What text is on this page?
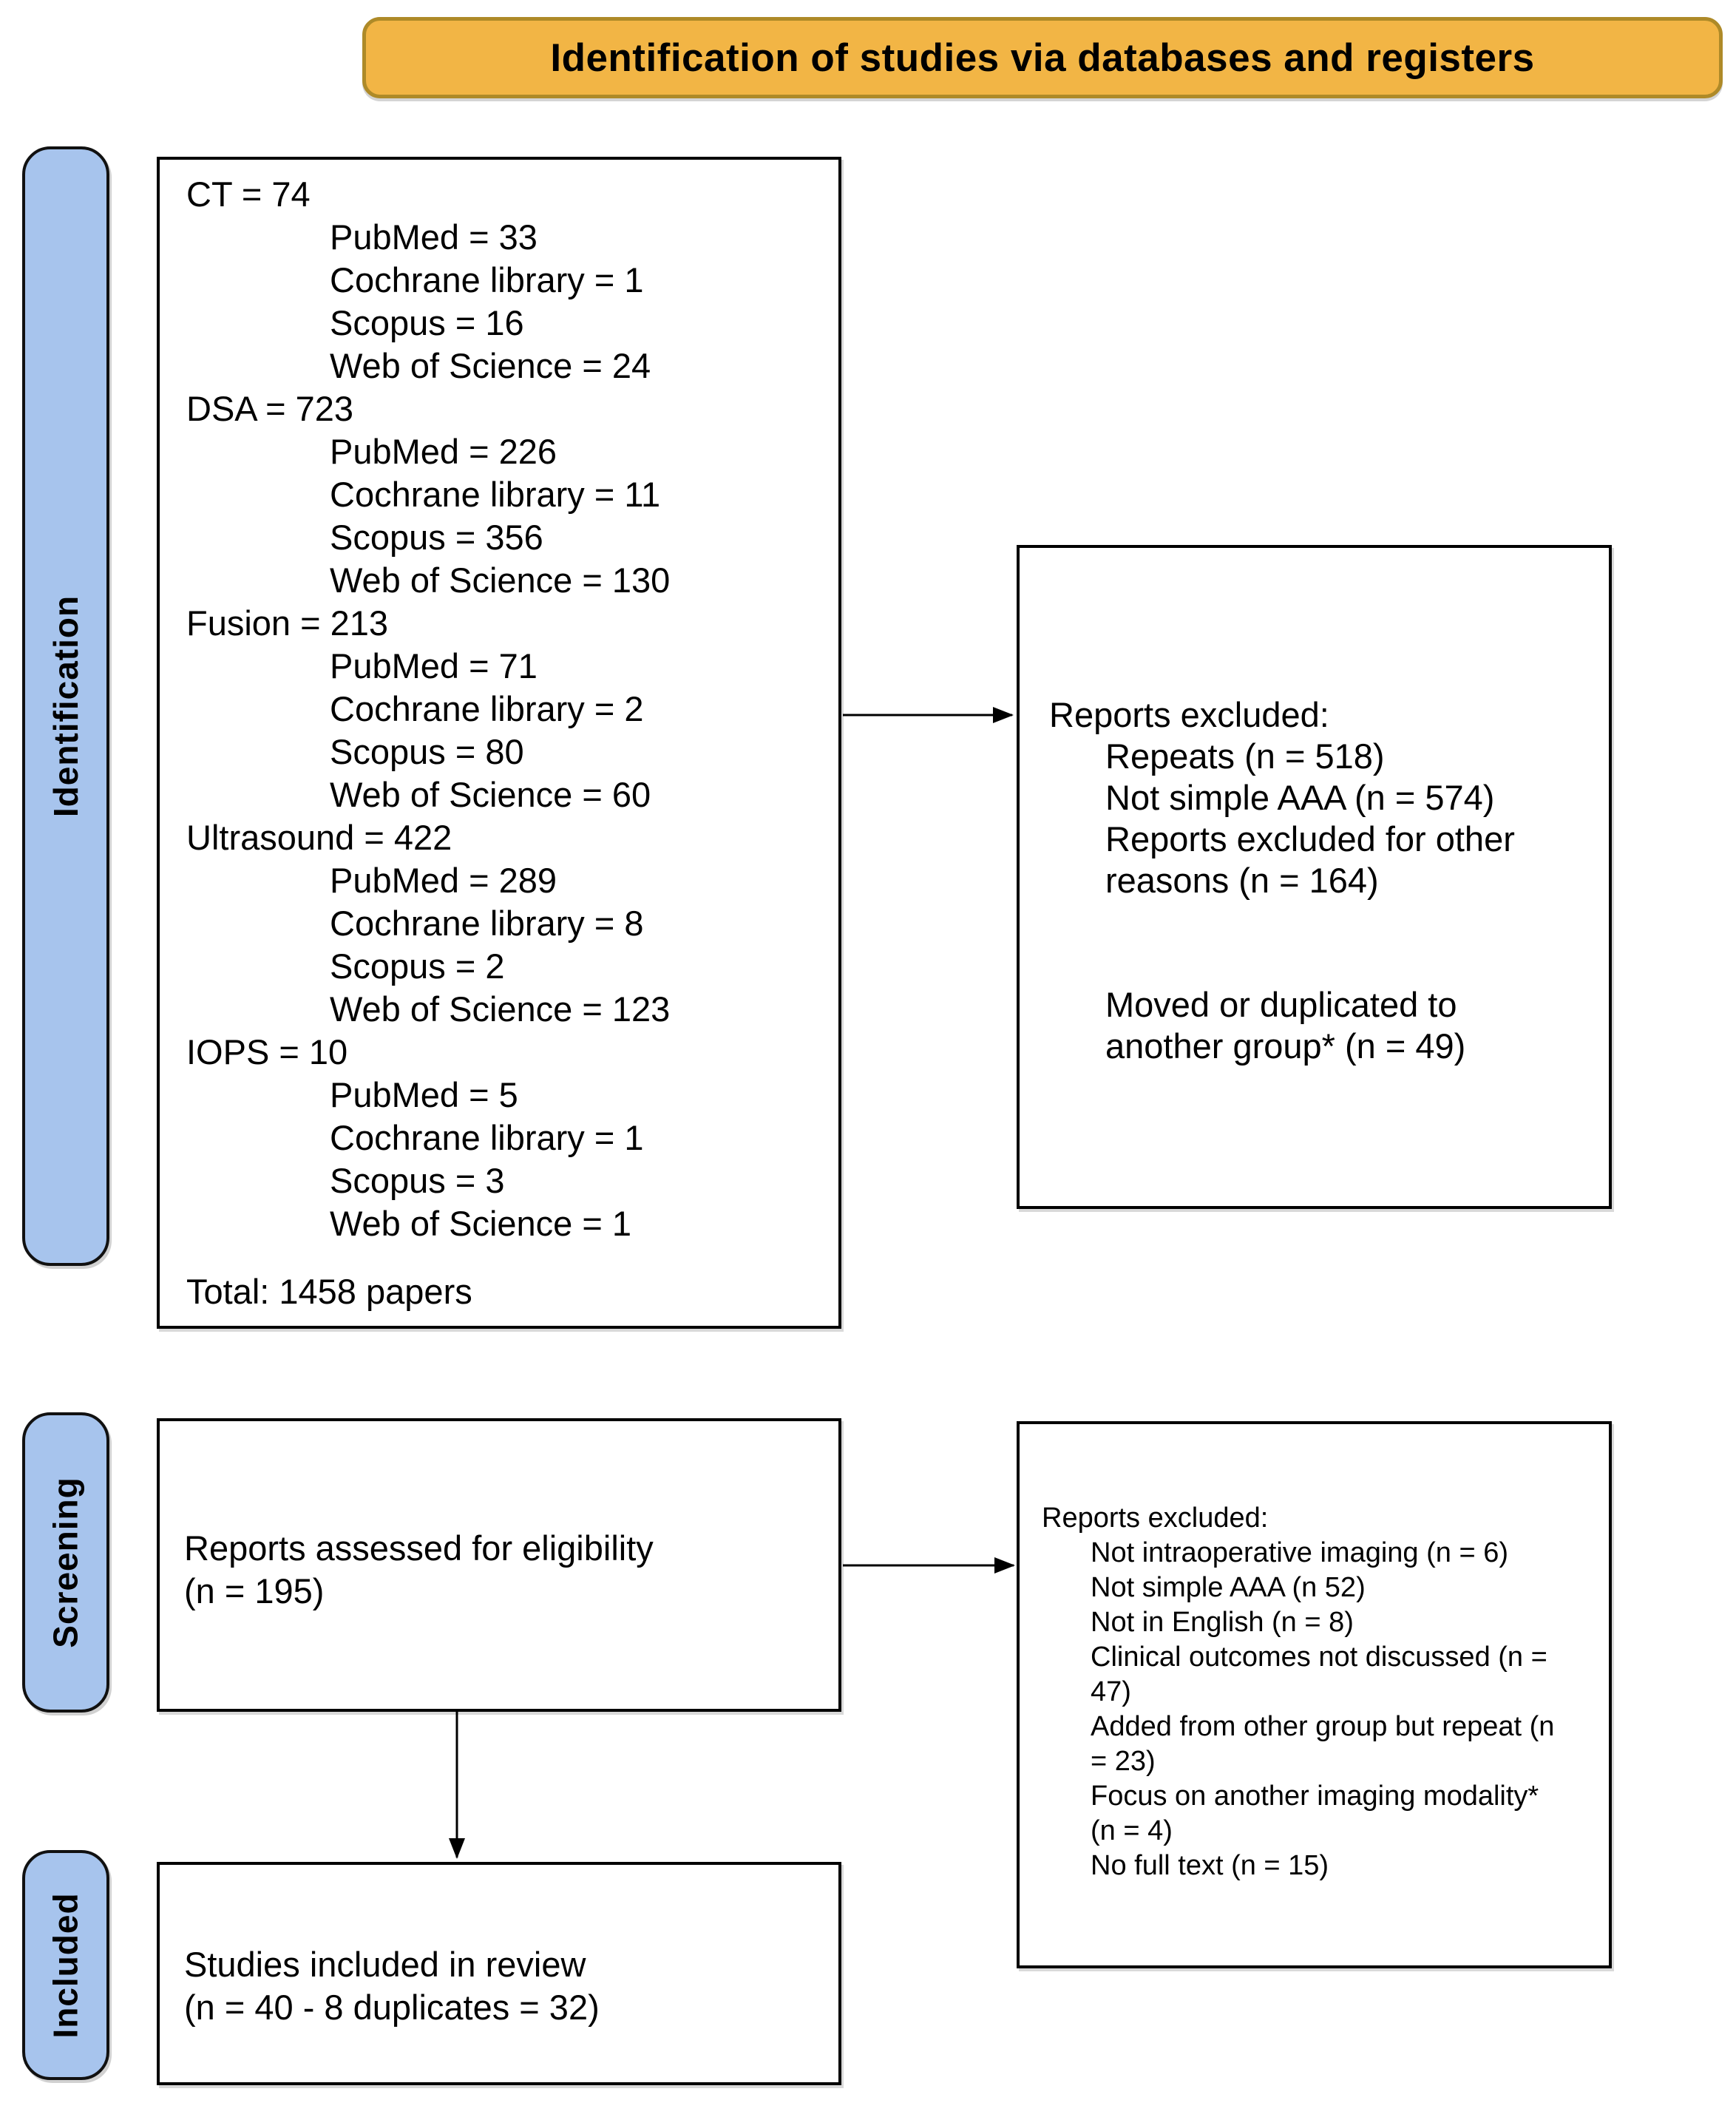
Identification of studies via databases and registers
Identification
Screening
Included
CT = 74
PubMed = 33
Cochrane library = 1
Scopus = 16
Web of Science = 24
DSA = 723
PubMed = 226
Cochrane library = 11
Scopus = 356
Web of Science = 130
Fusion = 213
PubMed = 71
Cochrane library = 2
Scopus = 80
Web of Science = 60
Ultrasound = 422
PubMed = 289
Cochrane library = 8
Scopus = 2
Web of Science = 123
IOPS = 10
PubMed = 5
Cochrane library = 1
Scopus = 3
Web of Science = 1
Total: 1458 papers
Reports excluded:
Repeats (n = 518)
Not simple AAA (n = 574)
Reports excluded for other reasons (n = 164)
Moved or duplicated to another group* (n = 49)
Reports assessed for eligibility
(n = 195)
Reports excluded:
Not intraoperative imaging (n = 6)
Not simple AAA (n 52)
Not in English (n = 8)
Clinical outcomes not discussed (n = 47)
Added from other group but repeat (n = 23)
Focus on another imaging modality* (n = 4)
No full text (n = 15)
Studies included in review
(n = 40 - 8 duplicates = 32)
